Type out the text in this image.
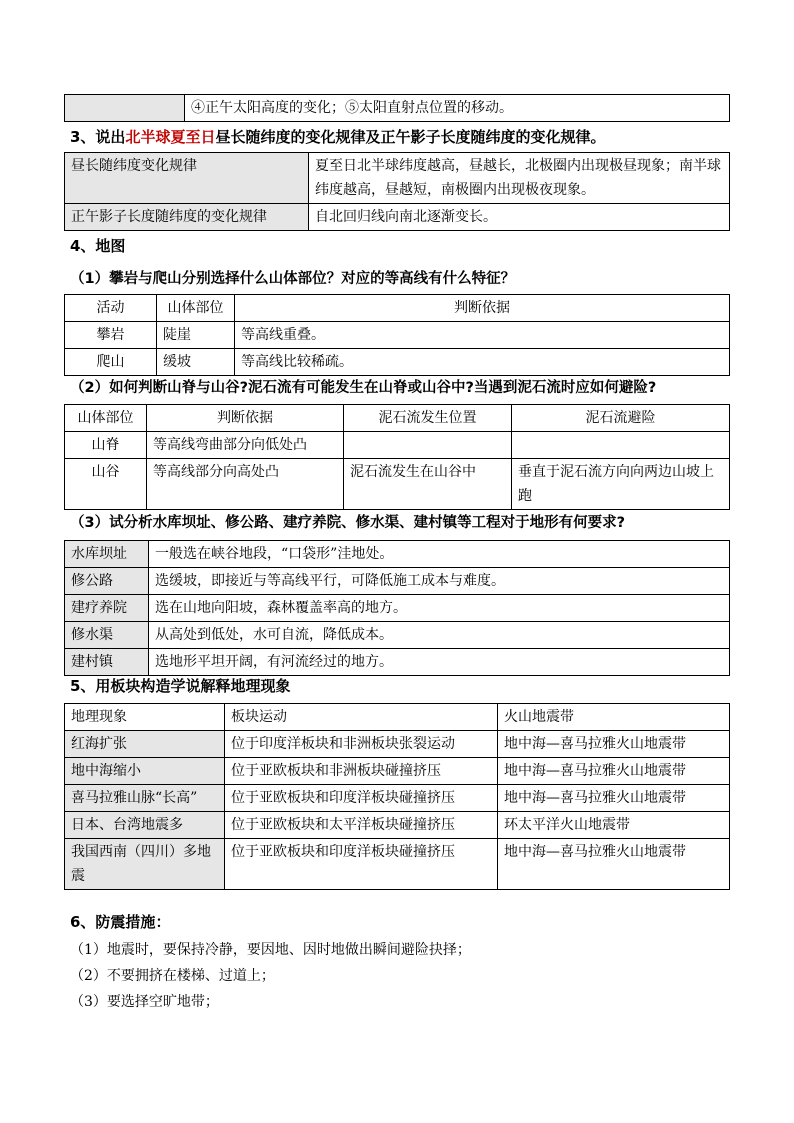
	④正午太阳高度的变化；⑤太阳直射点位置的移动。
3、说出北半球夏至日昼长随纬度的变化规律及正午影子长度随纬度的变化规律。
昼长随纬度变化规律	夏至日北半球纬度越高，昼越长，北极圈内出现极昼现象；南半球纬度越高，昼越短，南极圈内出现极夜现象。
正午影子长度随纬度的变化规律	自北回归线向南北逐渐变长。
4、地图
（1）攀岩与爬山分别选择什么山体部位？对应的等高线有什么特征？
活动	山体部位	判断依据
攀岩	陡崖	等高线重叠。
爬山	缓坡	等高线比较稀疏。
（2）如何判断山脊与山谷?泥石流有可能发生在山脊或山谷中?当遇到泥石流时应如何避险?
山体部位	判断依据	泥石流发生位置	泥石流避险
山脊	等高线弯曲部分向低处凸		
山谷	等高线部分向高处凸	泥石流发生在山谷中	垂直于泥石流方向向两边山坡上跑
（3）试分析水库坝址、修公路、建疗养院、修水渠、建村镇等工程对于地形有何要求?
水库坝址	一般选在峡谷地段，“口袋形”洼地处。
修公路	选缓坡，即接近与等高线平行，可降低施工成本与难度。
建疗养院	选在山地向阳坡，森林覆盖率高的地方。
修水渠	从高处到低处，水可自流，降低成本。
建村镇	选地形平坦开阔，有河流经过的地方。
5、用板块构造学说解释地理现象
地理现象	板块运动	火山地震带
红海扩张	位于印度洋板块和非洲板块张裂运动	地中海—喜马拉雅火山地震带
地中海缩小	位于亚欧板块和非洲板块碰撞挤压	地中海—喜马拉雅火山地震带
喜马拉雅山脉“长高”	位于亚欧板块和印度洋板块碰撞挤压	地中海—喜马拉雅火山地震带
日本、台湾地震多	位于亚欧板块和太平洋板块碰撞挤压	环太平洋火山地震带
我国西南（四川）多地震	位于亚欧板块和印度洋板块碰撞挤压	地中海—喜马拉雅火山地震带
6、防震措施：
（1）地震时，要保持冷静，要因地、因时地做出瞬间避险抉择；
（2）不要拥挤在楼梯、过道上；
（3）要选择空旷地带；
